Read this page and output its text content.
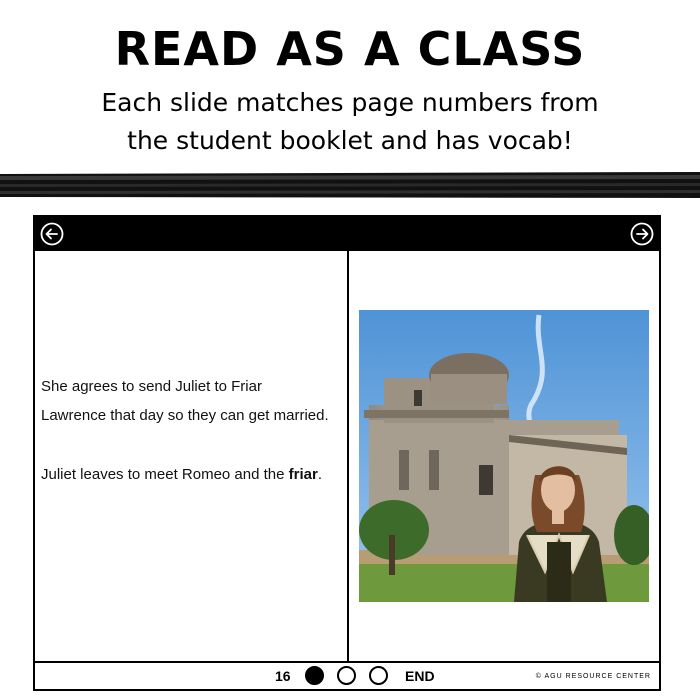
READ AS A CLASS
Each slide matches page numbers from
the student booklet and has vocab!

She agrees to send Juliet to Friar Lawrence that day so they can get married.

Juliet leaves to meet Romeo and the friar.

16	END	© AGU RESOURCE CENTER
